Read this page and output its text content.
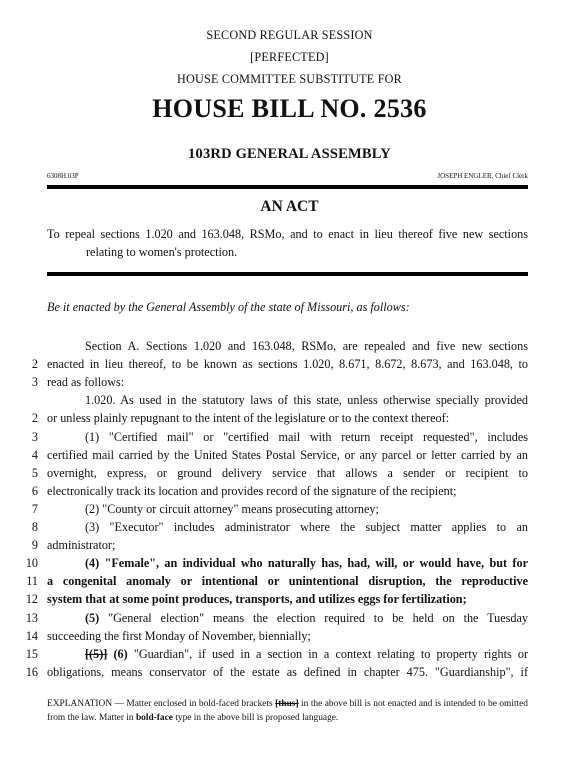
SECOND REGULAR SESSION
[PERFECTED]
HOUSE COMMITTEE SUBSTITUTE FOR
HOUSE BILL NO. 2536
103RD GENERAL ASSEMBLY
6308H.03P	JOSEPH ENGLER, Chief Clerk
AN ACT
To repeal sections 1.020 and 163.048, RSMo, and to enact in lieu thereof five new sections
relating to women's protection.
Be it enacted by the General Assembly of the state of Missouri, as follows:
Section A. Sections 1.020 and 163.048, RSMo, are repealed and five new sections
2 enacted in lieu thereof, to be known as sections 1.020, 8.671, 8.672, 8.673, and 163.048, to
3 read as follows:
1.020. As used in the statutory laws of this state, unless otherwise specially provided
2 or unless plainly repugnant to the intent of the legislature or to the context thereof:
3	(1) "Certified mail" or "certified mail with return receipt requested", includes
4 certified mail carried by the United States Postal Service, or any parcel or letter carried by an
5 overnight, express, or ground delivery service that allows a sender or recipient to
6 electronically track its location and provides record of the signature of the recipient;
7	(2) "County or circuit attorney" means prosecuting attorney;
8	(3) "Executor" includes administrator where the subject matter applies to an
9 administrator;
10	(4) "Female", an individual who naturally has, had, will, or would have, but for
11 a congenital anomaly or intentional or unintentional disruption, the reproductive
12 system that at some point produces, transports, and utilizes eggs for fertilization;
13	(5) "General election" means the election required to be held on the Tuesday
14 succeeding the first Monday of November, biennially;
15	[(5)] (6) "Guardian", if used in a section in a context relating to property rights or
16 obligations, means conservator of the estate as defined in chapter 475. "Guardianship", if
EXPLANATION — Matter enclosed in bold-faced brackets [thus] in the above bill is not enacted and is intended to be omitted from the law. Matter in bold-face type in the above bill is proposed language.
